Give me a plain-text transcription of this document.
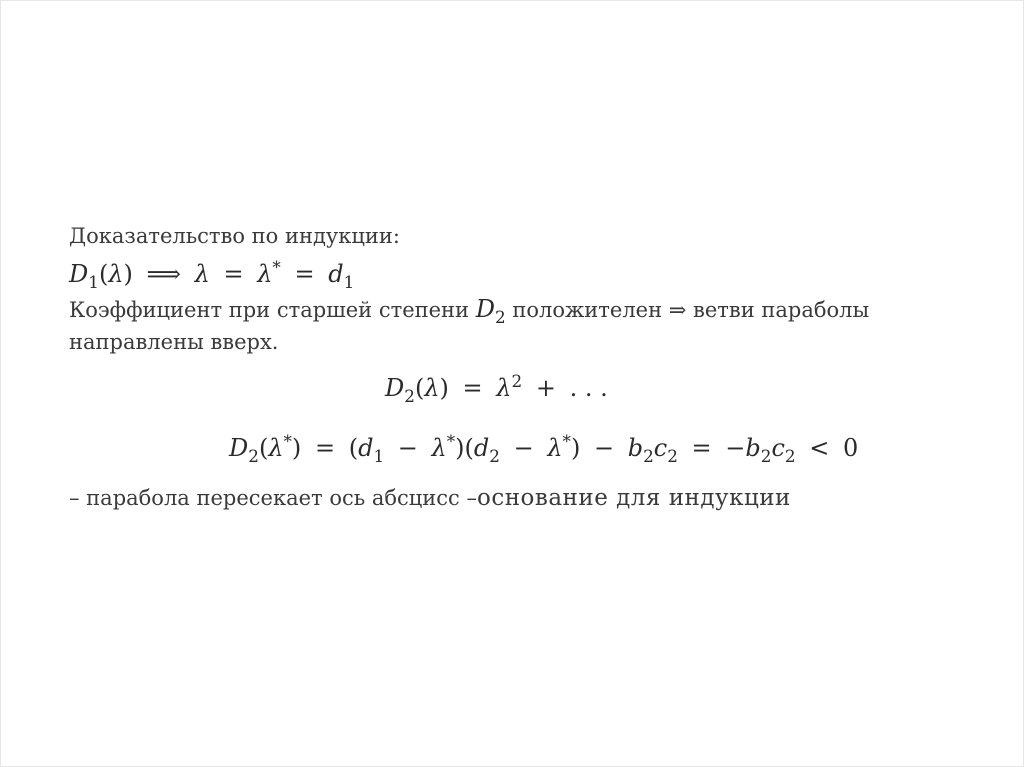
Доказательство по индукции:
$D_1(\lambda)$ ⟹ $\lambda = \lambda^* = d_1$
Коэффициент при старшей степени $D_2$ положителен ⇒ ветви параболы
направлены вверх.
$D_2(\lambda) = \lambda^2$ + . . .
$D_2(\lambda^*) = (d_1 - \lambda^*)(d_2 - \lambda^*) - b_2c_2 = -b_2c_2 < 0$
– парабола пересекает ось абсцисс –основание для индукции
